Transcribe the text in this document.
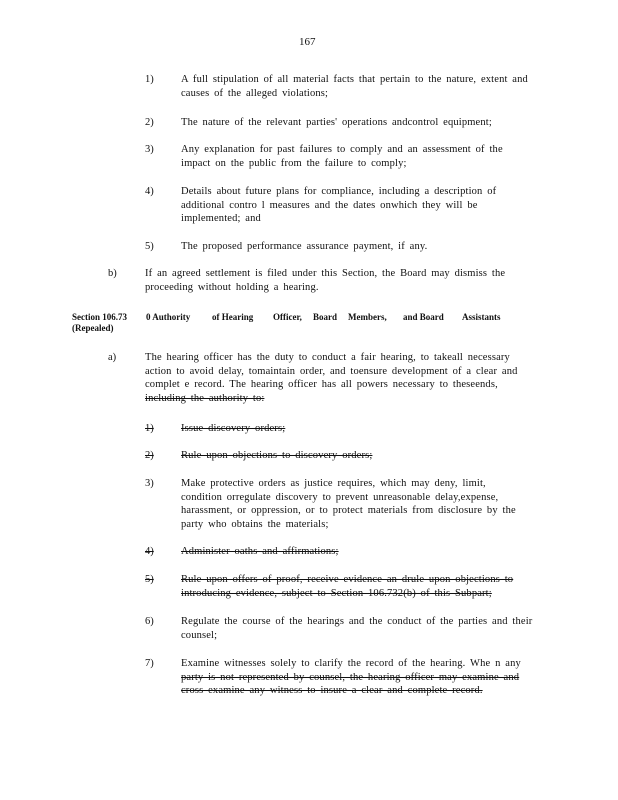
167
1)	A full stipulation of all material facts that pertain to the nature, extent and
causes of the alleged violations;
2)	The nature of the relevant parties' operations andcontrol equipment;
3)	Any explanation for past failures to comply and an assessment of the
impact on the public from the failure to comply;
4)	Details about future plans for compliance, including a description of
additional contro l measures and the dates onwhich they will be
implemented; and
5)	The proposed performance assurance payment, if any.
b)	If an agreed settlement is filed under this Section, the Board may dismiss the
proceeding without holding a hearing.
Section 106.73
(Repealed)
0 Authority of Hearing Officer, Board Members, and Board Assistants
a)	The hearing officer has the duty to conduct a fair hearing, to takeall necessary
action to avoid delay, tomaintain order, and toensure development of a clear and
complet e record. The hearing officer has all powers necessary to theseends,
including the authority to:
1)	Issue discovery orders;
2)	Rule upon objections to discovery orders;
3)	Make protective orders as justice requires, which may deny, limit,
condition orregulate discovery to prevent unreasonable delay,expense,
harassment, or oppression, or to protect materials from disclosure by the
party who obtains the materials;
4)	Administer oaths and affirmations;
5)	Rule upon offers of proof, receive evidence an drule upon objections to
introducing evidence, subject to Section 106.732(b) of this Subpart;
6)	Regulate the course of the hearings and the conduct of the parties and their
counsel;
7)	Examine witnesses solely to clarify the record of the hearing. Whe n any
party is not represented by counsel, the hearing officer may examine and
cross examine any witness to insure a clear and complete record.
